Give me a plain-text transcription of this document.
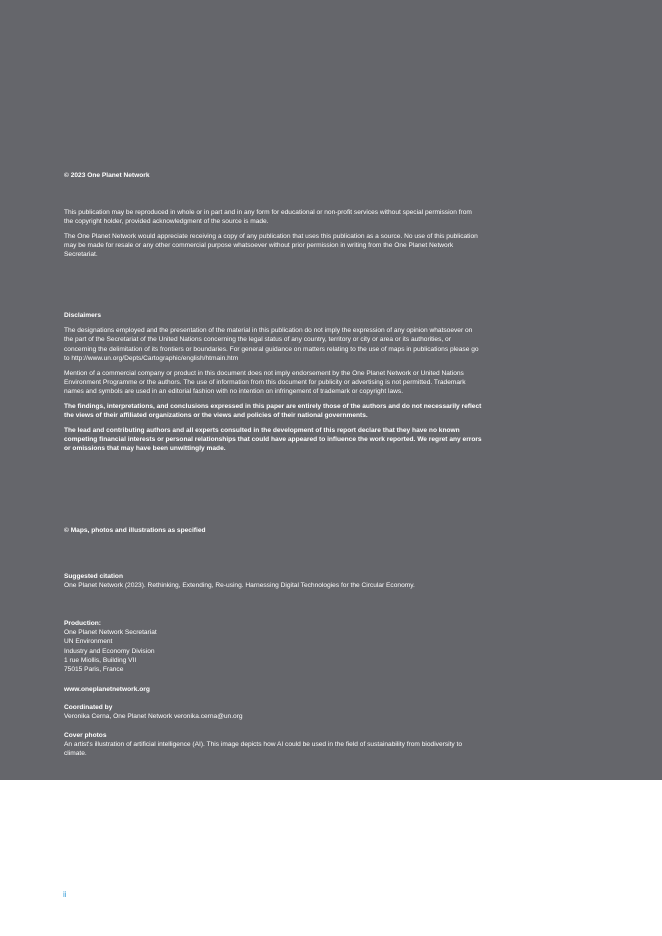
© 2023 One Planet Network

This publication may be reproduced in whole or in part and in any form for educational or non-profit services without special permission from the copyright holder, provided acknowledgment of the source is made.

The One Planet Network would appreciate receiving a copy of any publication that uses this publication as a source. No use of this publication may be made for resale or any other commercial purpose whatsoever without prior permission in writing from the One Planet Network Secretariat.

Disclaimers

The designations employed and the presentation of the material in this publication do not imply the expression of any opinion whatsoever on the part of the Secretariat of the United Nations concerning the legal status of any country, territory or city or area or its authorities, or concerning the delimitation of its frontiers or boundaries. For general guidance on matters relating to the use of maps in publications please go to http://www.un.org/Depts/Cartographic/english/htmain.htm

Mention of a commercial company or product in this document does not imply endorsement by the One Planet Network or United Nations Environment Programme or the authors. The use of information from this document for publicity or advertising is not permitted. Trademark names and symbols are used in an editorial fashion with no intention on infringement of trademark or copyright laws.

The findings, interpretations, and conclusions expressed in this paper are entirely those of the authors and do not necessarily reflect the views of their affiliated organizations or the views and policies of their national governments.

The lead and contributing authors and all experts consulted in the development of this report declare that they have no known competing financial interests or personal relationships that could have appeared to influence the work reported. We regret any errors or omissions that may have been unwittingly made.

© Maps, photos and illustrations as specified
Suggested citation
One Planet Network (2023). Rethinking, Extending, Re-using. Harnessing Digital Technologies for the Circular Economy.
Production:
One Planet Network Secretariat
UN Environment
Industry and Economy Division
1 rue Miollis, Building VII
75015 Paris, France
www.oneplanetnetwork.org
Coordinated by
Veronika Cerna, One Planet Network veronika.cerna@un.org
Cover photos
An artist's illustration of artificial intelligence (AI). This image depicts how AI could be used in the field of sustainability from biodiversity to climate.
ii
